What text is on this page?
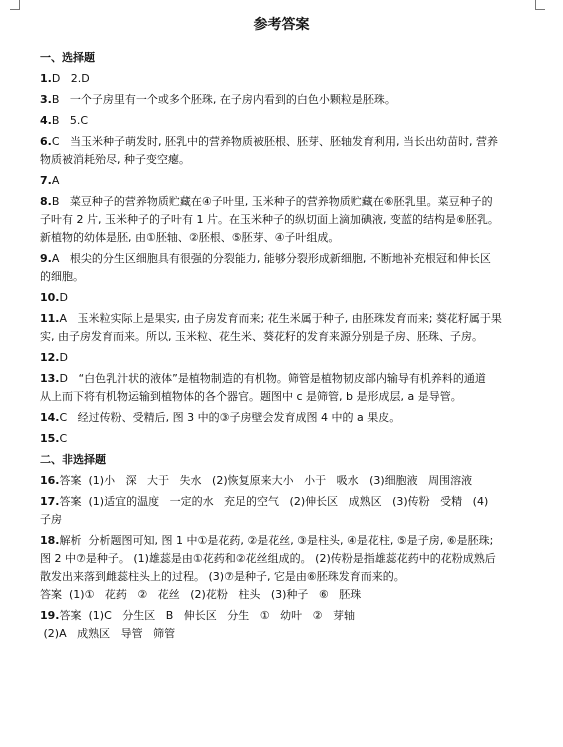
参考答案
一、选择题

1.D   2.D

3.B   一个子房里有一个或多个胚珠, 在子房内看到的白色小颗粒是胚珠。

4.B   5.C

6.C   当玉米种子萌发时, 胚乳中的营养物质被胚根、胚芽、胚轴发育利用, 当长出幼苗时, 营养

物质被消耗殆尽, 种子变空瘪。

7.A

8.B   菜豆种子的营养物质贮藏在④子叶里, 玉米种子的营养物质贮藏在⑥胚乳里。菜豆种子的

子叶有 2 片, 玉米种子的子叶有 1 片。在玉米种子的纵切面上滴加碘液, 变蓝的结构是⑥胚乳。

新植物的幼体是胚, 由①胚轴、②胚根、⑤胚芽、④子叶组成。

9.A   根尖的分生区细胞具有很强的分裂能力, 能够分裂形成新细胞, 不断地补充根冠和伸长区

的细胞。

10.D

11.A   玉米粒实际上是果实, 由子房发育而来; 花生米属于种子, 由胚珠发育而来; 葵花籽属于果

实, 由子房发育而来。所以, 玉米粒、花生米、葵花籽的发育来源分别是子房、胚珠、子房。

12.D

13.D   “白色乳汁状的液体”是植物制造的有机物。筛管是植物韧皮部内输导有机养料的通道

从上而下将有机物运输到植物体的各个器官。题图中 c 是筛管, b 是形成层, a 是导管。

14.C   经过传粉、受精后, 图 3 中的③子房壁会发育成图 4 中的 a 果皮。

15.C

二、非选择题

16.答案  (1)小   深   大于   失水   (2)恢复原来大小   小于   吸水   (3)细胞液   周围溶液

17.答案  (1)适宜的温度   一定的水   充足的空气   (2)伸长区   成熟区   (3)传粉   受精   (4)

子房

18.解析  分析题图可知, 图 1 中①是花药, ②是花丝, ③是柱头, ④是花柱, ⑤是子房, ⑥是胚珠;

图 2 中⑦是种子。 (1)雄蕊是由①花药和②花丝组成的。 (2)传粉是指雄蕊花药中的花粉成熟后

散发出来落到雌蕊柱头上的过程。 (3)⑦是种子, 它是由⑥胚珠发育而来的。

答案  (1)①   花药   ②   花丝   (2)花粉   柱头   (3)种子   ⑥   胚珠

19.答案  (1)C   分生区   B   伸长区   分生   ①   幼叶   ②   芽轴

(2)A   成熟区   导管   筛管
